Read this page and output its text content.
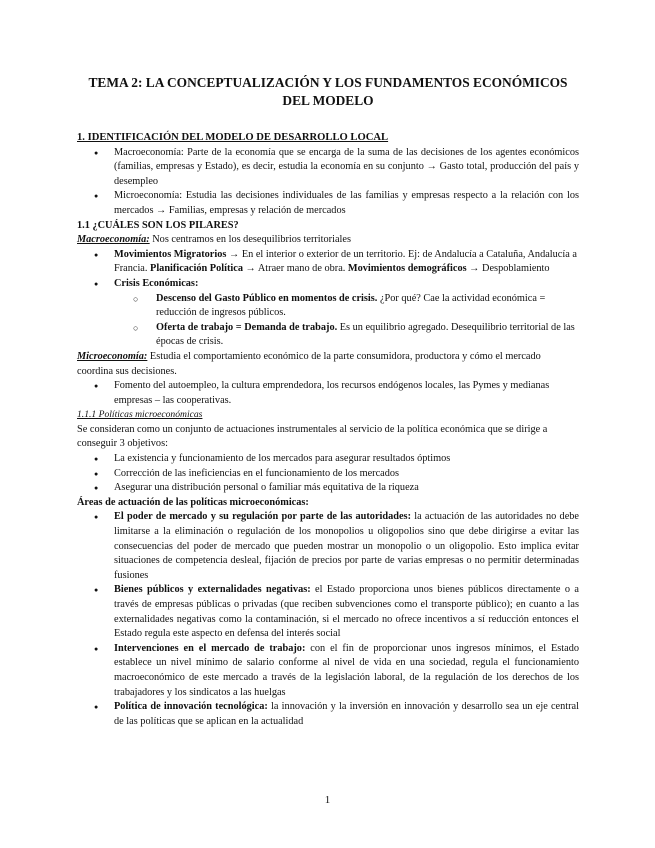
TEMA 2: LA CONCEPTUALIZACIÓN Y LOS FUNDAMENTOS ECONÓMICOS DEL MODELO

1. IDENTIFICACIÓN DEL MODELO DE DESARROLLO LOCAL

● Macroeconomía: Parte de la economía que se encarga de la suma de las decisiones de los agentes económicos (familias, empresas y Estado), es decir, estudia la economía en su conjunto → Gasto total, producción del país y desempleo
● Microeconomía: Estudia las decisiones individuales de las familias y empresas respecto a la relación con los mercados → Familias, empresas y relación de mercados

1.1 ¿CUÁLES SON LOS PILARES?

Macroeconomía: Nos centramos en los desequilibrios territoriales

● Movimientos Migratorios → En el interior o exterior de un territorio. Ej: de Andalucía a Cataluña, Andalucía a Francia. Planificación Política → Atraer mano de obra. Movimientos demográficos → Despoblamiento
● Crisis Económicas:
○ Descenso del Gasto Público en momentos de crisis. ¿Por qué? Cae la actividad económica = reducción de ingresos públicos.
○ Oferta de trabajo = Demanda de trabajo. Es un equilibrio agregado. Desequilibrio territorial de las épocas de crisis.

Microeconomía: Estudia el comportamiento económico de la parte consumidora, productora y cómo el mercado coordina sus decisiones.

● Fomento del autoempleo, la cultura emprendedora, los recursos endógenos locales, las Pymes y medianas empresas – las cooperativas.

1.1.1 Políticas microeconómicas

Se consideran como un conjunto de actuaciones instrumentales al servicio de la política económica que se dirige a conseguir 3 objetivos:

● La existencia y funcionamiento de los mercados para asegurar resultados óptimos
● Corrección de las ineficiencias en el funcionamiento de los mercados
● Asegurar una distribución personal o familiar más equitativa de la riqueza

Áreas de actuación de las políticas microeconómicas:

● El poder de mercado y su regulación por parte de las autoridades: la actuación de las autoridades no debe limitarse a la eliminación o regulación de los monopolios u oligopolios sino que debe dirigirse a evitar las consecuencias del poder de mercado que pueden mostrar un monopolio o un oligopolio. Esto implica evitar situaciones de competencia desleal, fijación de precios por parte de varias empresas o no permitir determinadas fusiones
● Bienes públicos y externalidades negativas: el Estado proporciona unos bienes públicos directamente o a través de empresas públicas o privadas (que reciben subvenciones como el transporte público); en cuanto a las externalidades negativas como la contaminación, si el mercado no ofrece incentivos a sí reducción entonces el Estado regula este aspecto en defensa del interés social
● Intervenciones en el mercado de trabajo: con el fin de proporcionar unos ingresos mínimos, el Estado establece un nivel mínimo de salario conforme al nivel de vida en una sociedad, regula el funcionamiento macroeconómico de este mercado a través de la legislación laboral, de la regulación de los derechos de los trabajadores y los sindicatos a las huelgas
● Política de innovación tecnológica: la innovación y la inversión en innovación y desarrollo sea un eje central de las políticas que se aplican en la actualidad
1
